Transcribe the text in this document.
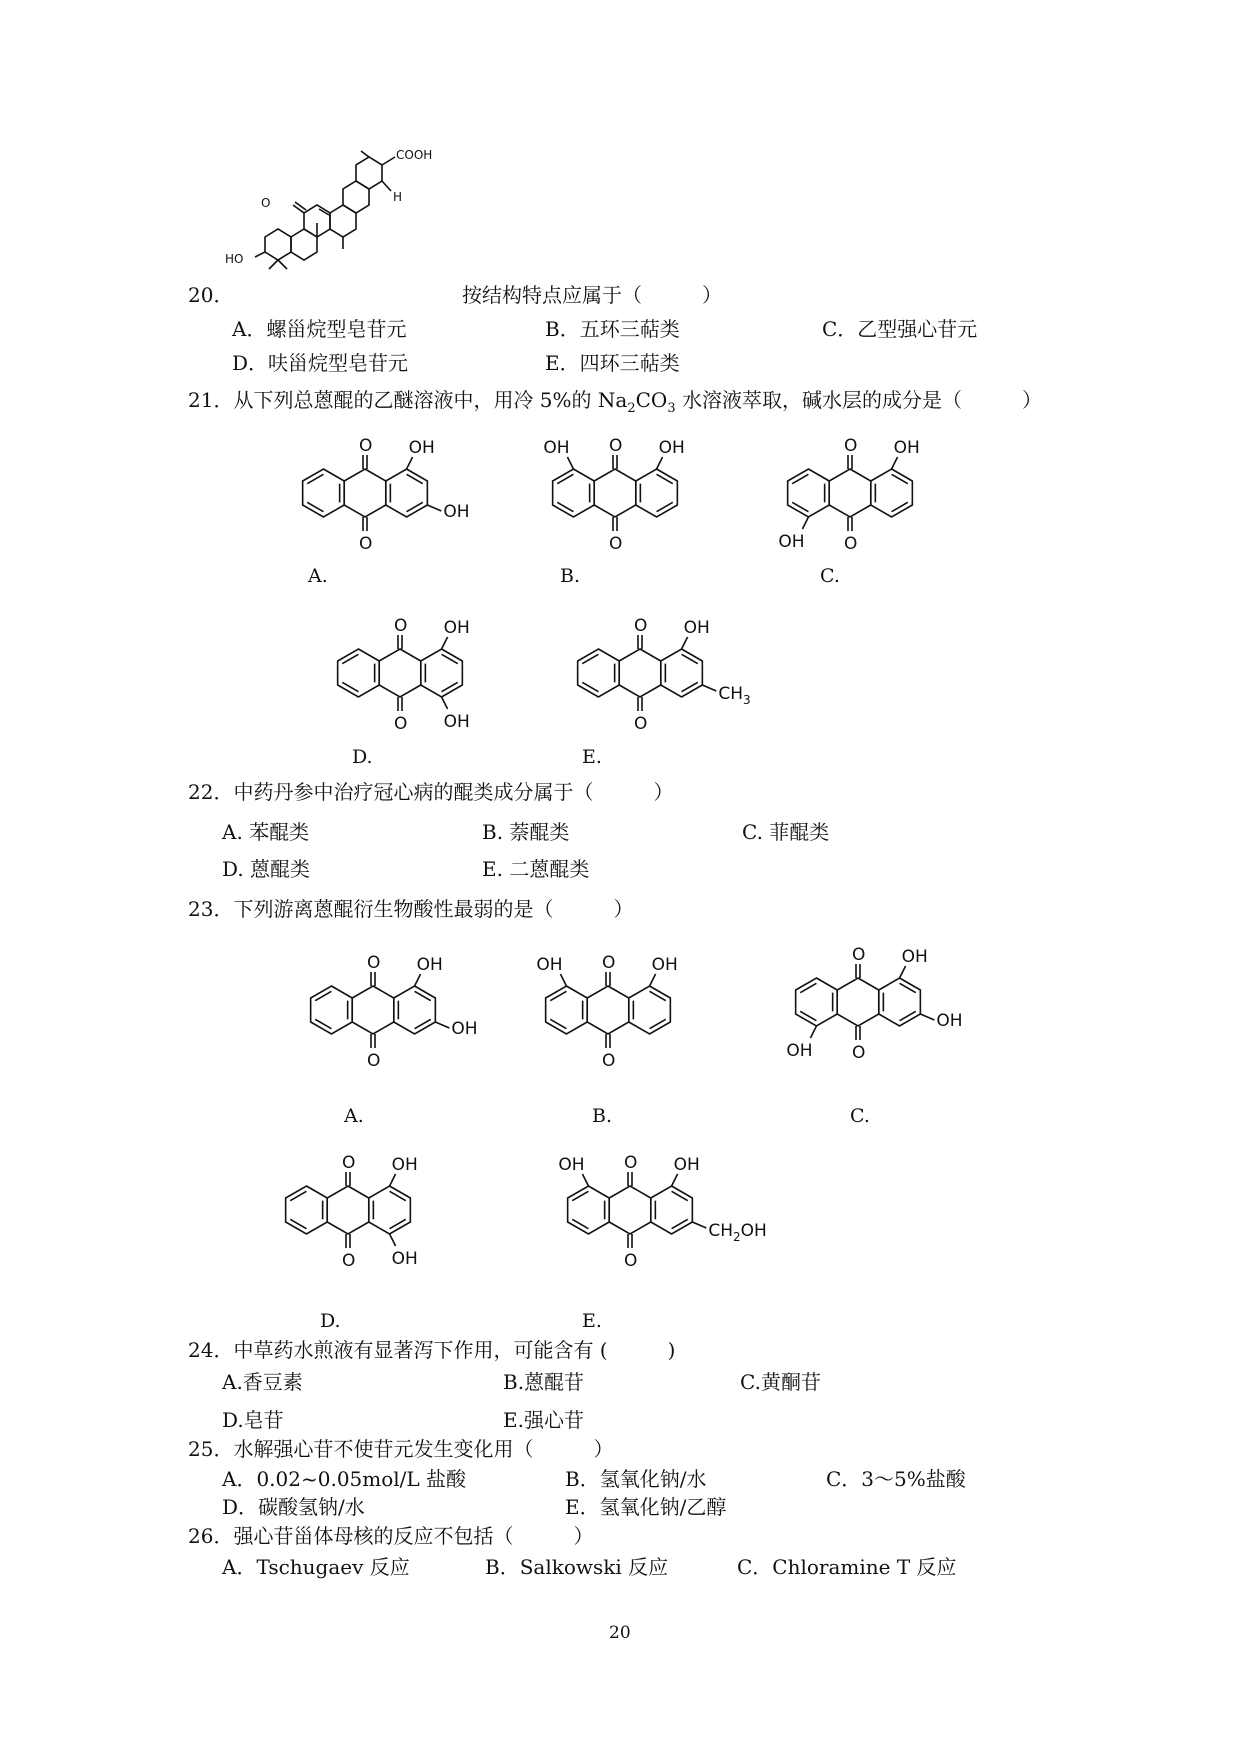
HO
O
COOH
H
20．	按结构特点应属于（　　　）
A．螺甾烷型皂苷元	B．五环三萜类	C．乙型强心苷元
D．呋甾烷型皂苷元	E．四环三萜类
21．从下列总蒽醌的乙醚溶液中，用冷 5%的 $Na_2CO_3$ 水溶液萃取，碱水层的成分是（　　　）
O
O
OH
OH
O
O
OH
OH	O
O
OH
OH
A.	B.	C.
O
O
OH
OH
O
O
OH
$CH_3$
D.	E.
22．中药丹参中治疗冠心病的醌类成分属于（　　　）
A. 苯醌类	B. 萘醌类	C. 菲醌类
D. 蒽醌类	E. 二蒽醌类
23．下列游离蒽醌衍生物酸性最弱的是（　　　）
O
O
OH
OH
O
O
OH
OH	O
O
OH
OH
OH
A.	B.	C.
O
O
OH
OH
O
O
OH
OH
$CH_2OH$
D.	E.
24．中草药水煎液有显著泻下作用，可能含有 (　　　)
A.香豆素	B.蒽醌苷	C.黄酮苷
D.皂苷	E.强心苷
25．水解强心苷不使苷元发生变化用（　　　）
A．0.02~0.05mol/L 盐酸	B．氢氧化钠/水	C．3～5%盐酸
D．碳酸氢钠/水	E．氢氧化钠/乙醇
26．强心苷甾体母核的反应不包括（　　　）
A．Tschugaev 反应	B．Salkowski 反应	C．Chloramine T 反应
20
